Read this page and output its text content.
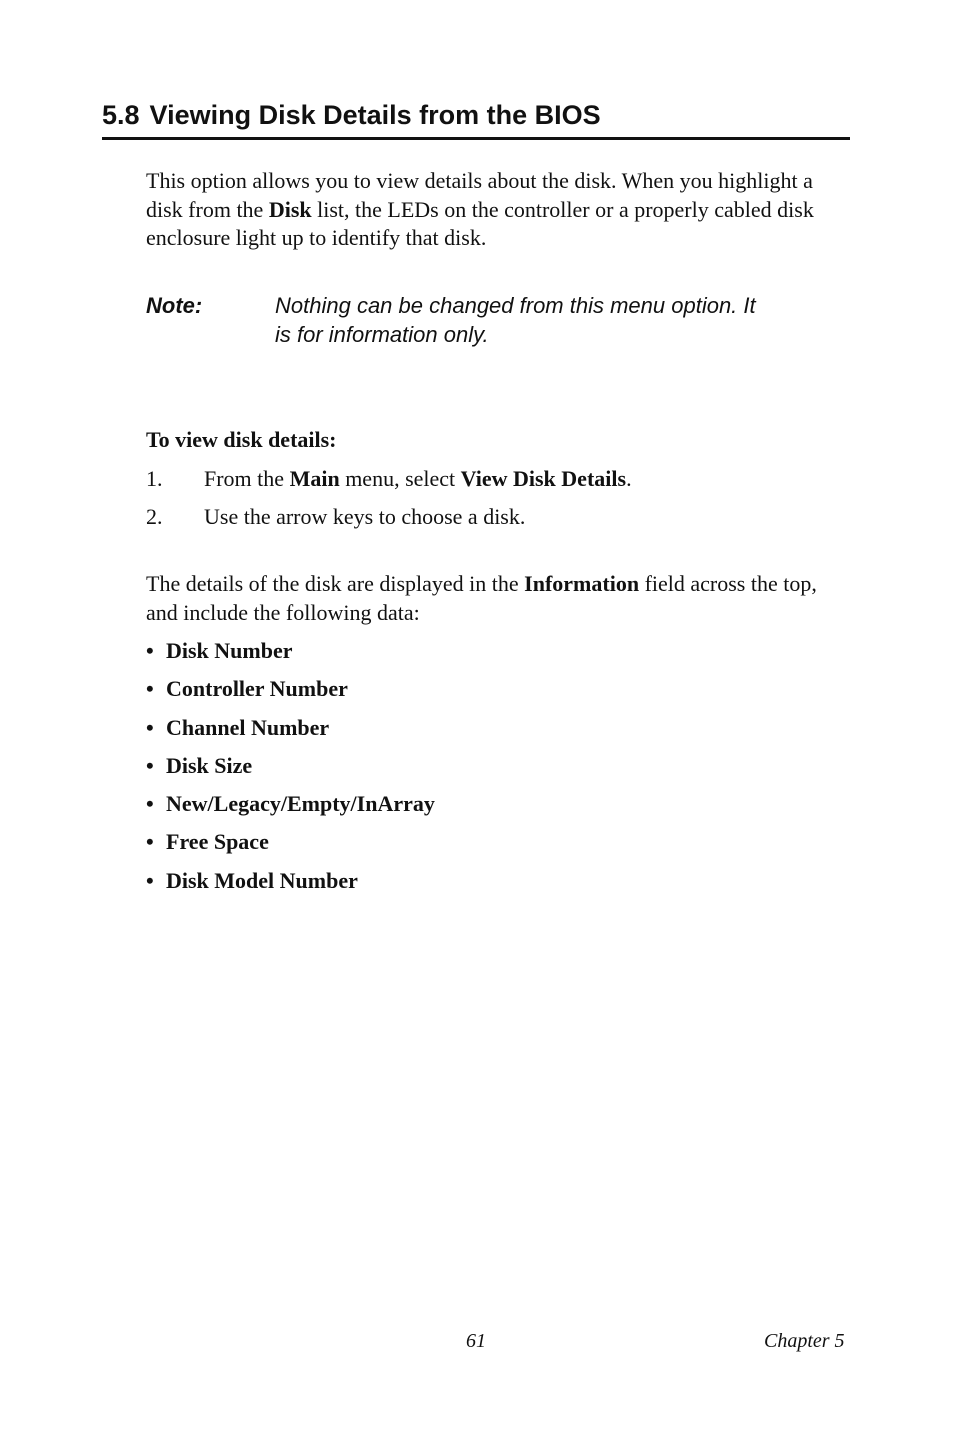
5.8 Viewing Disk Details from the BIOS
This option allows you to view details about the disk. When you highlight a disk from the Disk list, the LEDs on the controller or a properly cabled disk enclosure light up to identify that disk.
Note:	Nothing can be changed from this menu option. It
is for information only.
To view disk details:
1. From the Main menu, select View Disk Details.
2. Use the arrow keys to choose a disk.
The details of the disk are displayed in the Information field across the top, and include the following data:
• Disk Number
• Controller Number
• Channel Number
• Disk Size
• New/Legacy/Empty/InArray
• Free Space
• Disk Model Number
61	Chapter 5
